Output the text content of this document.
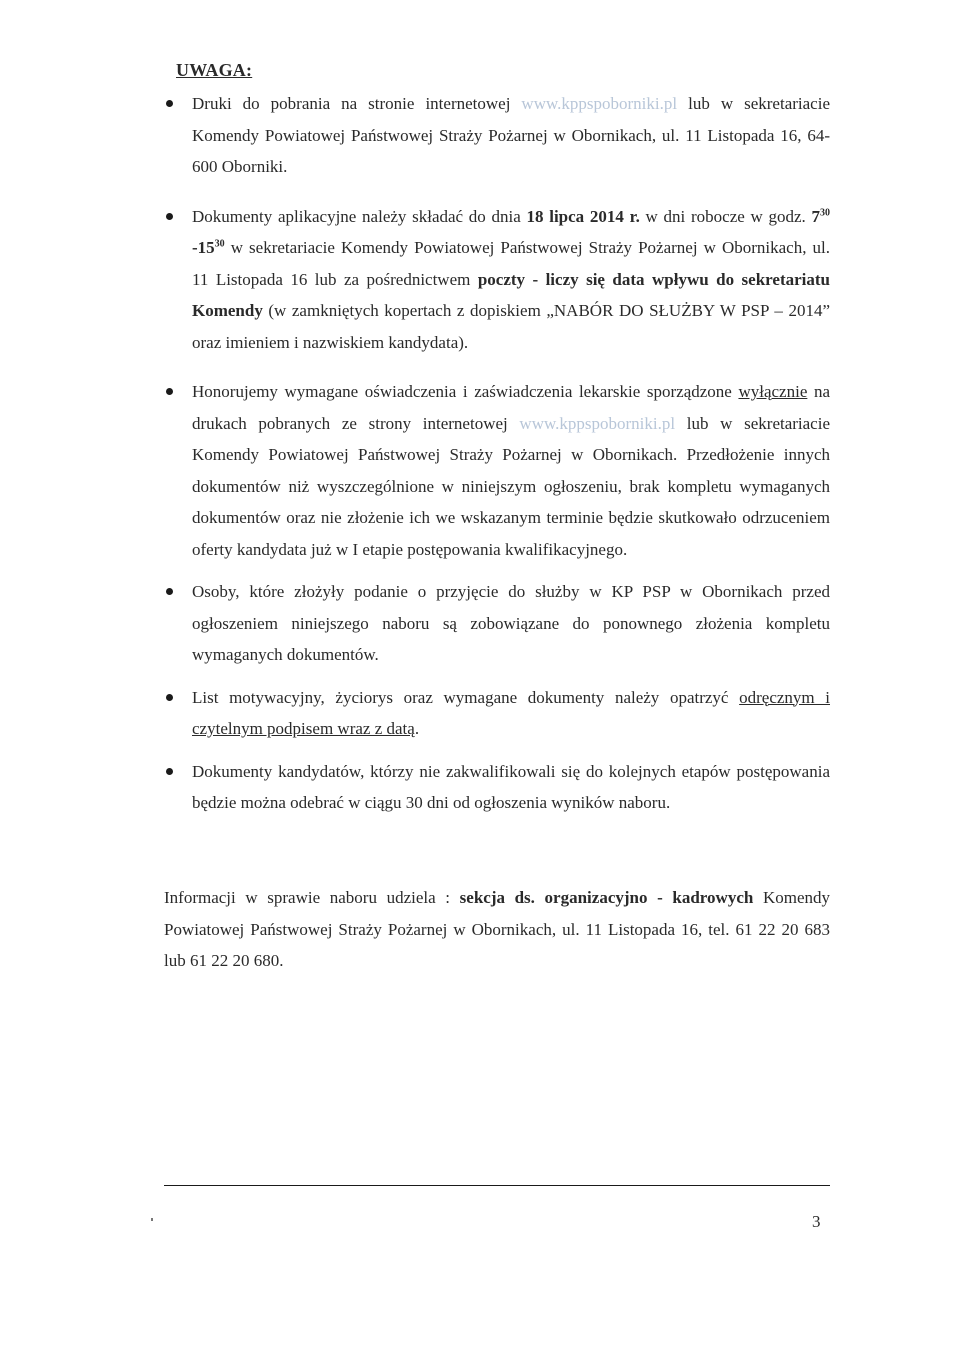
UWAGA:
Druki do pobrania na stronie internetowej www.kppspoborniki.pl lub w sekretariacie Komendy Powiatowej Państwowej Straży Pożarnej w Obornikach, ul. 11 Listopada 16, 64-600 Oborniki.
Dokumenty aplikacyjne należy składać do dnia 18 lipca 2014 r. w dni robocze w godz. $7^{30}$ $-15^{30}$ w sekretariacie Komendy Powiatowej Państwowej Straży Pożarnej w Obornikach, ul. 11 Listopada 16 lub za pośrednictwem poczty - liczy się data wpływu do sekretariatu Komendy (w zamkniętych kopertach z dopiskiem „NABÓR DO SŁUŻBY W PSP – 2014” oraz imieniem i nazwiskiem kandydata).
Honorujemy wymagane oświadczenia i zaświadczenia lekarskie sporządzone wyłącznie na drukach pobranych ze strony internetowej www.kppspoborniki.pl lub w sekretariacie Komendy Powiatowej Państwowej Straży Pożarnej w Obornikach. Przedłożenie innych dokumentów niż wyszczególnione w niniejszym ogłoszeniu, brak kompletu wymaganych dokumentów oraz nie złożenie ich we wskazanym terminie będzie skutkowało odrzuceniem oferty kandydata już w I etapie postępowania kwalifikacyjnego.
Osoby, które złożyły podanie o przyjęcie do służby w KP PSP w Obornikach przed ogłoszeniem niniejszego naboru są zobowiązane do ponownego złożenia kompletu wymaganych dokumentów.
List motywacyjny, życiorys oraz wymagane dokumenty należy opatrzyć odręcznym i czytelnym podpisem wraz z datą.
Dokumenty kandydatów, którzy nie zakwalifikowali się do kolejnych etapów postępowania będzie można odebrać w ciągu 30 dni od ogłoszenia wyników naboru.
Informacji w sprawie naboru udziela : sekcja ds. organizacyjno - kadrowych Komendy Powiatowej Państwowej Straży Pożarnej w Obornikach, ul. 11 Listopada 16, tel. 61 22 20 683 lub 61 22 20 680.
3
